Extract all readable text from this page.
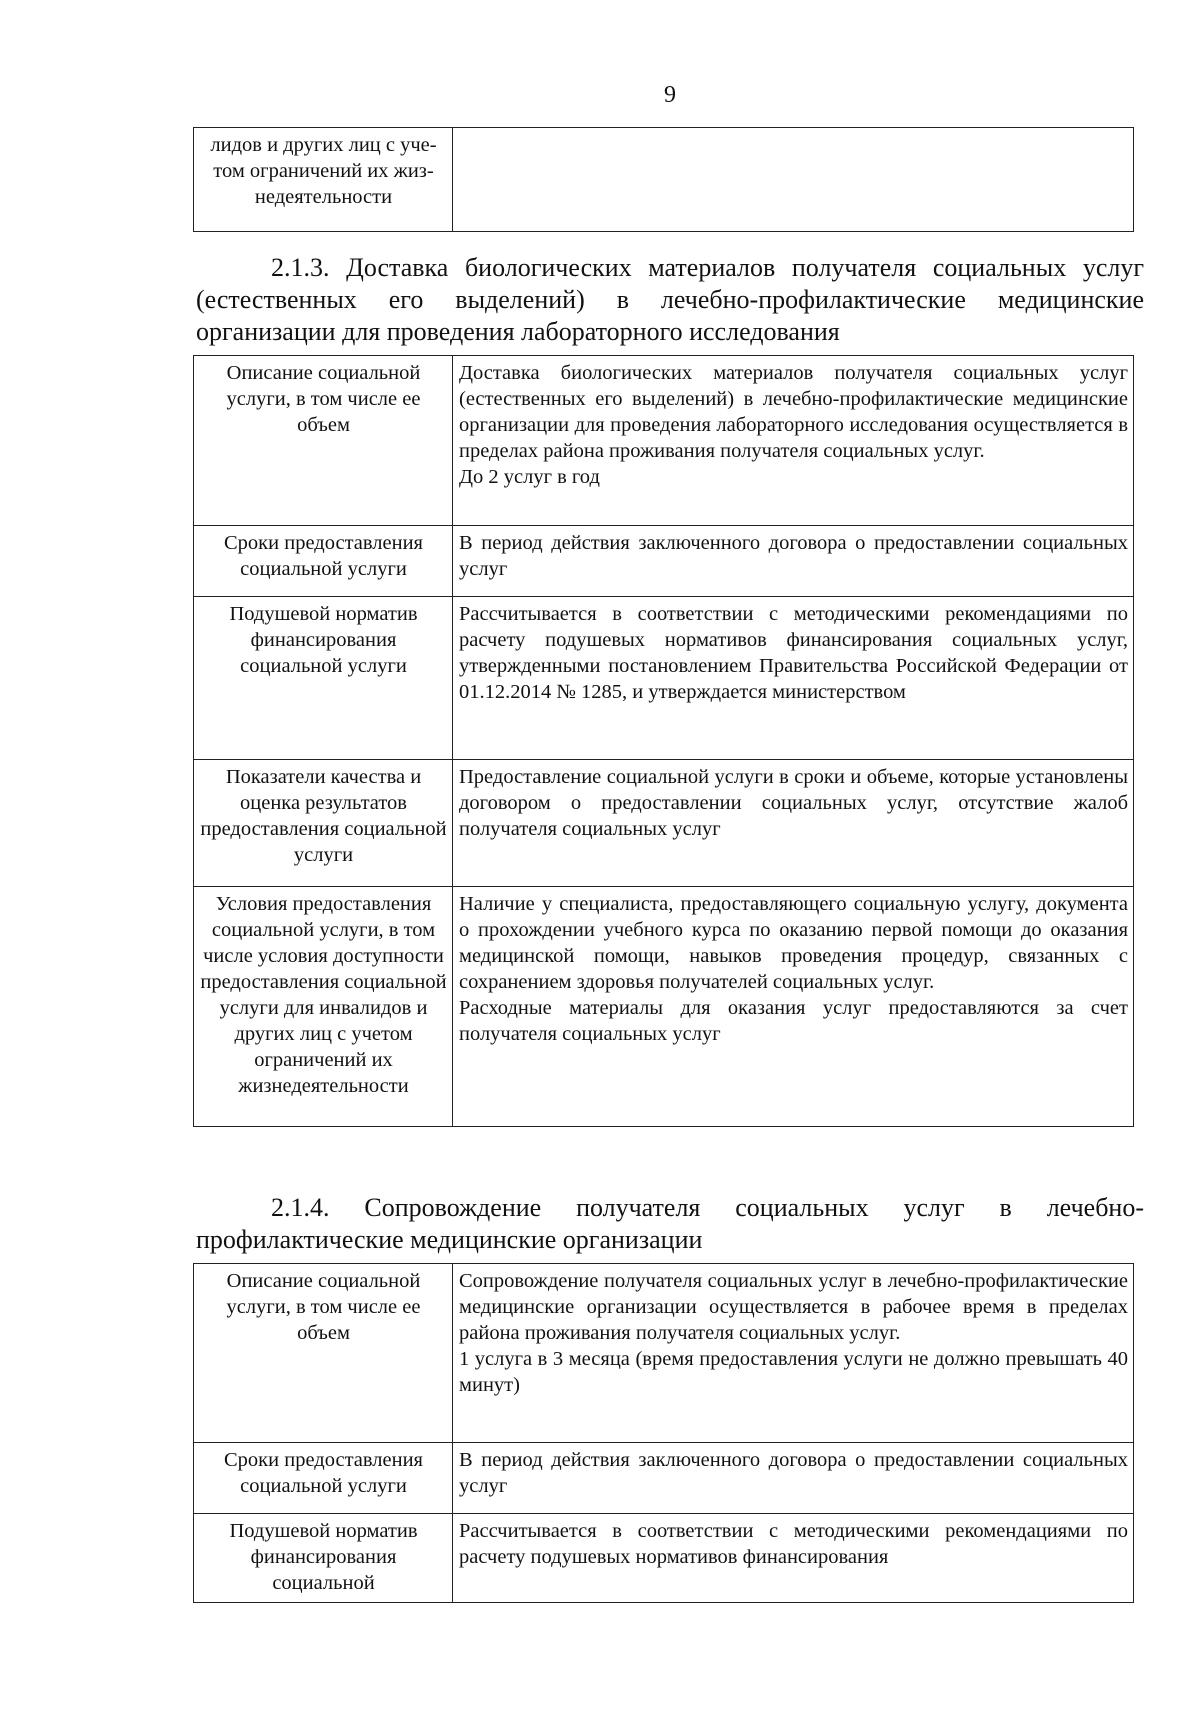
9
лидов и других лиц с уче-
том ограничений их жиз-
недеятельности	
2.1.3. Доставка биологических материалов получателя социальных услуг (естественных его выделений) в лечебно-профилактические медицинские организации для проведения лабораторного исследования
Описание социальной услуги, в том числе ее объем	Доставка биологических материалов получателя социальных услуг (естественных его выделений) в лечебно-профилактические медицинские организации для проведения лабораторного исследования осуществляется в пределах района проживания получателя социальных услуг.
До 2 услуг в год

Сроки предоставления социальной услуги	В период действия заключенного договора о предоставлении социальных услуг
Подушевой норматив финансирования социальной услуги	Рассчитывается в соответствии с методическими рекомендациями по расчету подушевых нормативов финансирования социальных услуг, утвержденными постановлением Правительства Российской Федерации от 01.12.2014 № 1285, и утверждается министерством
Показатели качества и оценка результатов предоставления социальной услуги	Предоставление социальной услуги в сроки и объеме, которые установлены договором о предоставлении социальных услуг, отсутствие жалоб получателя социальных услуг
Условия предоставления социальной услуги, в том числе условия доступности предоставления социальной услуги для инвалидов и других лиц с учетом ограничений их жизнедеятельности	Наличие у специалиста, предоставляющего социальную услугу, документа о прохождении учебного курса по оказанию первой помощи до оказания медицинской помощи, навыков проведения процедур, связанных с сохранением здоровья получателей социальных услуг.
Расходные материалы для оказания услуг предоставляются за счет получателя социальных услуг
2.1.4. Сопровождение получателя социальных услуг в лечебно-профилактические медицинские организации
Описание социальной услуги, в том числе ее объем	Сопровождение получателя социальных услуг в лечебно-профилактические медицинские организации осуществляется в рабочее время в пределах района проживания получателя социальных услуг.
1 услуга в 3 месяца (время предоставления услуги не должно превышать 40 минут)

Сроки предоставления социальной услуги	В период действия заключенного договора о предоставлении социальных услуг
Подушевой норматив финансирования социальной	Рассчитывается в соответствии с методическими рекомендациями по расчету подушевых нормативов финансирования
